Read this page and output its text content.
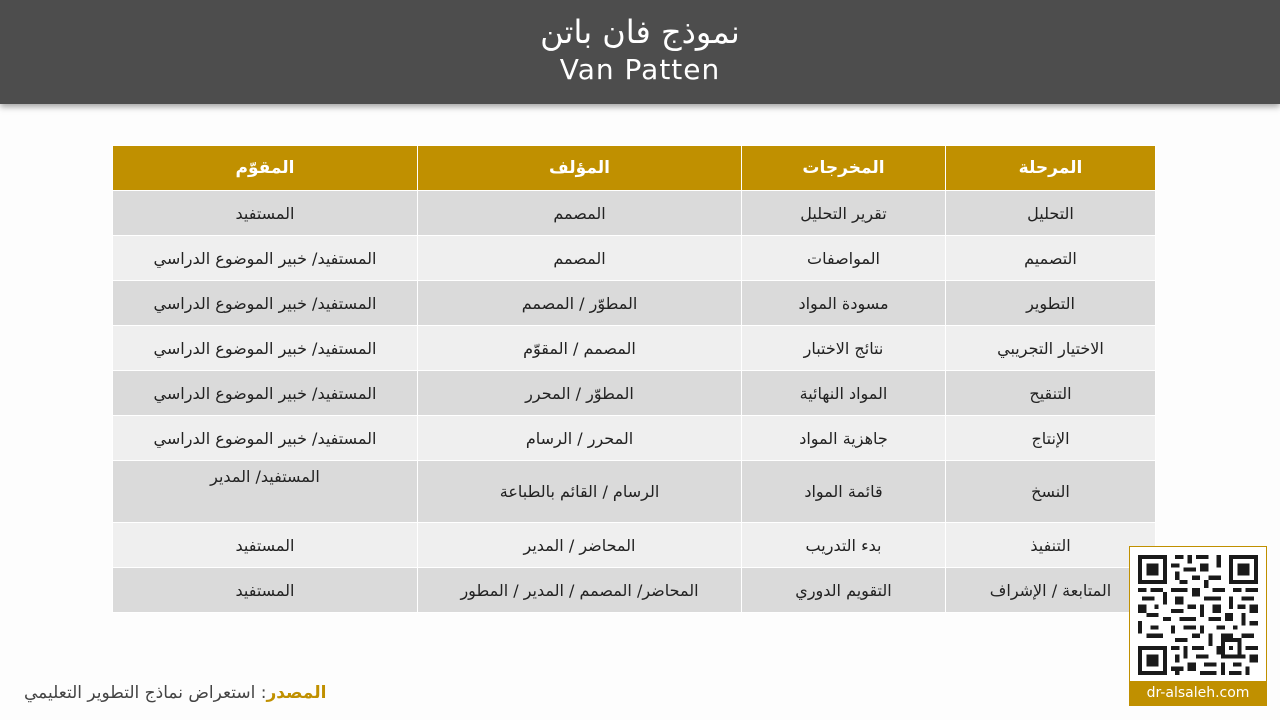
نموذج فان باتن
Van Patten
المرحلة	المخرجات	المؤلف	المقوّم
التحليل	تقرير التحليل	المصمم	المستفيد
التصميم	المواصفات	المصمم	المستفيد/ خبير الموضوع الدراسي
التطوير	مسودة المواد	المطوّر / المصمم	المستفيد/ خبير الموضوع الدراسي
الاختيار التجريبي	نتائج الاختبار	المصمم / المقوّم	المستفيد/ خبير الموضوع الدراسي
التنقيح	المواد النهائية	المطوّر / المحرر	المستفيد/ خبير الموضوع الدراسي
الإنتاج	جاهزية المواد	المحرر / الرسام	المستفيد/ خبير الموضوع الدراسي
النسخ	قائمة المواد	الرسام / القائم بالطباعة	المستفيد/ المدير
التنفيذ	بدء التدريب	المحاضر / المدير	المستفيد
المتابعة / الإشراف	التقويم الدوري	المحاضر/ المصمم / المدير / المطور	المستفيد
dr-alsaleh.com
المصدر: استعراض نماذج التطوير التعليمي
